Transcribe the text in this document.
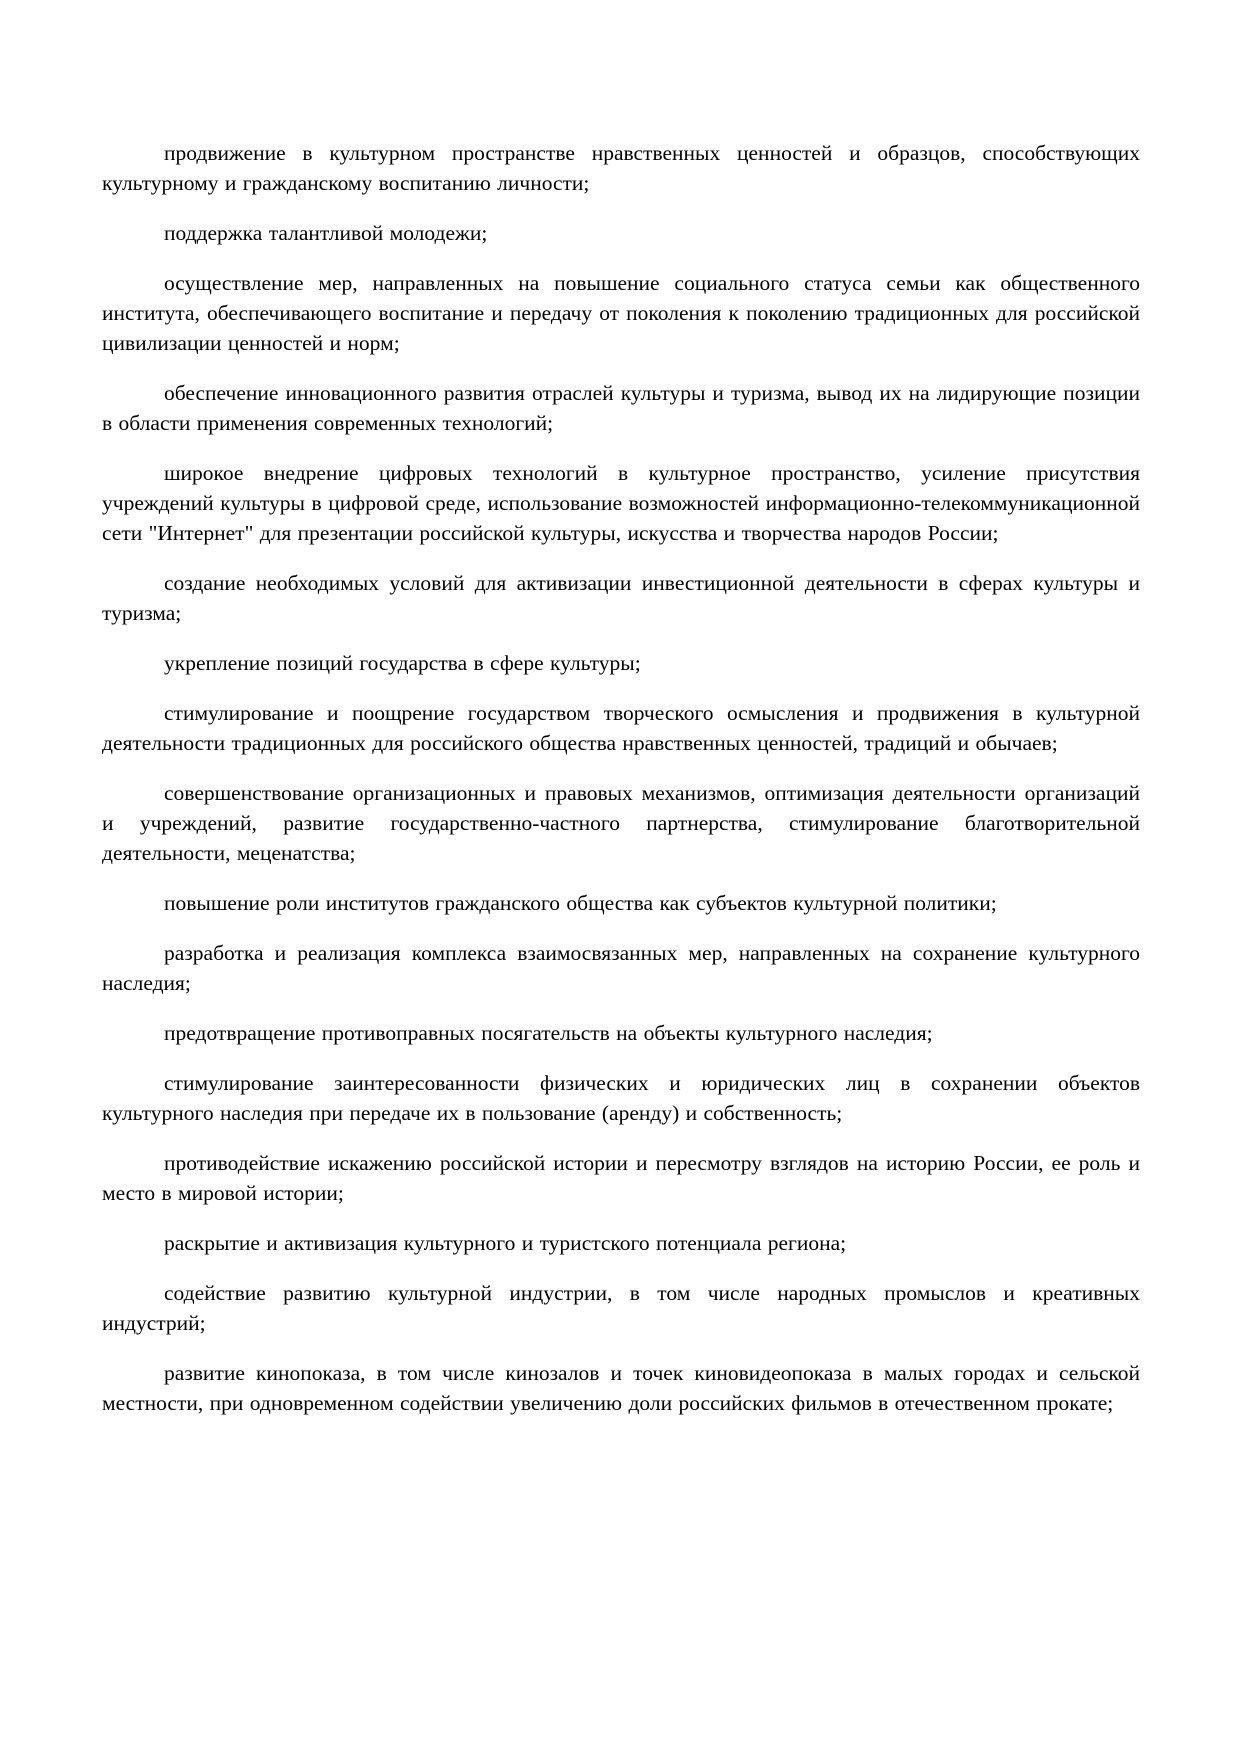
продвижение в культурном пространстве нравственных ценностей и образцов, способствующих культурному и гражданскому воспитанию личности;

поддержка талантливой молодежи;

осуществление мер, направленных на повышение социального статуса семьи как общественного института, обеспечивающего воспитание и передачу от поколения к поколению традиционных для российской цивилизации ценностей и норм;

обеспечение инновационного развития отраслей культуры и туризма, вывод их на лидирующие позиции в области применения современных технологий;

широкое внедрение цифровых технологий в культурное пространство, усиление присутствия учреждений культуры в цифровой среде, использование возможностей информационно-телекоммуникационной сети "Интернет" для презентации российской культуры, искусства и творчества народов России;

создание необходимых условий для активизации инвестиционной деятельности в сферах культуры и туризма;

укрепление позиций государства в сфере культуры;

стимулирование и поощрение государством творческого осмысления и продвижения в культурной деятельности традиционных для российского общества нравственных ценностей, традиций и обычаев;

совершенствование организационных и правовых механизмов, оптимизация деятельности организаций и учреждений, развитие государственно-частного партнерства, стимулирование благотворительной деятельности, меценатства;

повышение роли институтов гражданского общества как субъектов культурной политики;

разработка и реализация комплекса взаимосвязанных мер, направленных на сохранение культурного наследия;

предотвращение противоправных посягательств на объекты культурного наследия;

стимулирование заинтересованности физических и юридических лиц в сохранении объектов культурного наследия при передаче их в пользование (аренду) и собственность;

противодействие искажению российской истории и пересмотру взглядов на историю России, ее роль и место в мировой истории;

раскрытие и активизация культурного и туристского потенциала региона;

содействие развитию культурной индустрии, в том числе народных промыслов и креативных индустрий;

развитие кинопоказа, в том числе кинозалов и точек киновидеопоказа в малых городах и сельской местности, при одновременном содействии увеличению доли российских фильмов в отечественном прокате;
